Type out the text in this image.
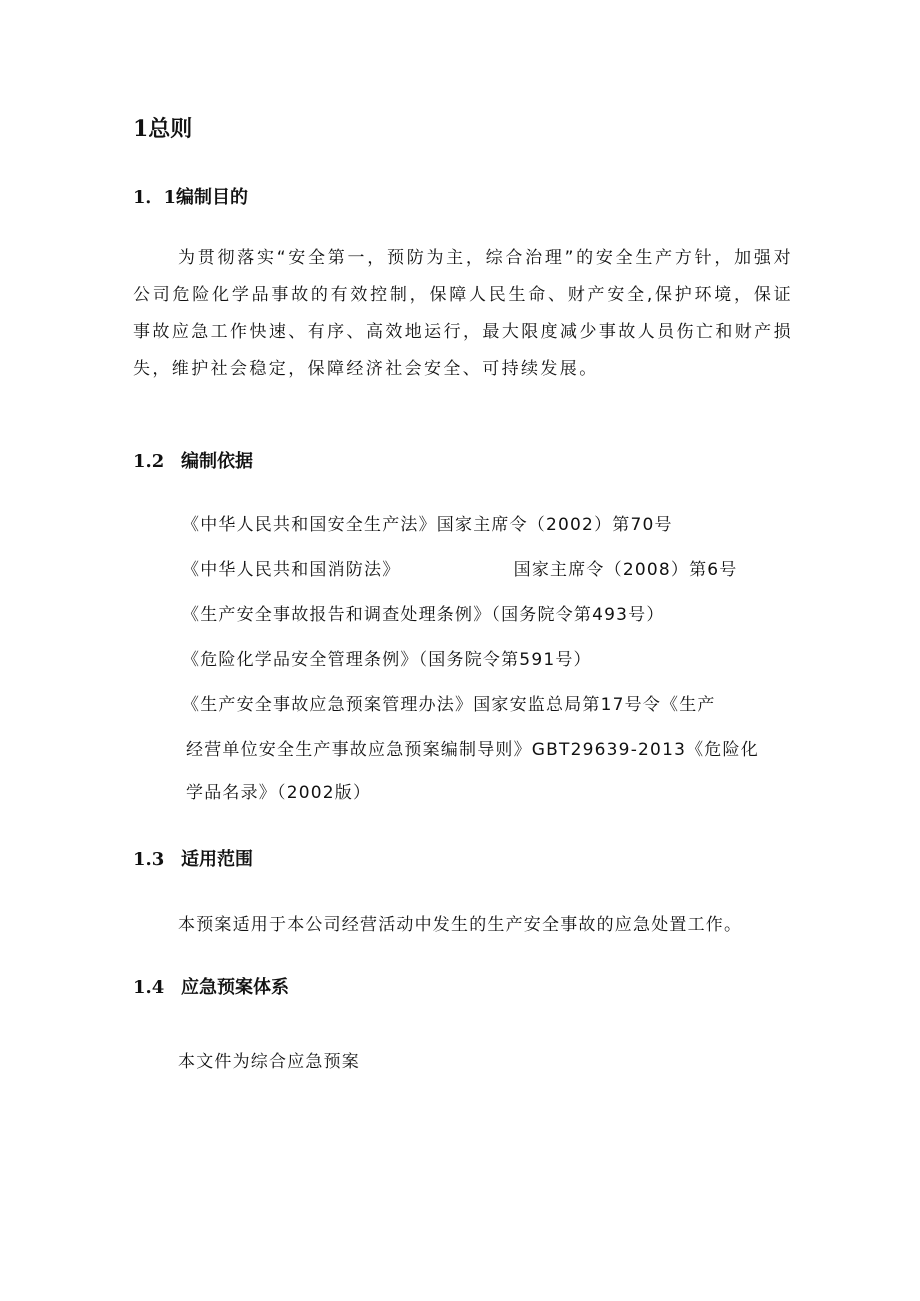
1总则
1．1编制目的
为贯彻落实“安全第一，预防为主，综合治理”的安全生产方针，加强对公司危险化学品事故的有效控制，保障人民生命、财产安全,保护环境，保证事故应急工作快速、有序、高效地运行，最大限度减少事故人员伤亡和财产损失，维护社会稳定，保障经济社会安全、可持续发展。
1.2 编制依据
《中华人民共和国安全生产法》国家主席令（2002）第70号
《中华人民共和国消防法》	国家主席令（2008）第6号
《生产安全事故报告和调查处理条例》（国务院令第493号）
《危险化学品安全管理条例》（国务院令第591号）
《生产安全事故应急预案管理办法》国家安监总局第17号令《生产
经营单位安全生产事故应急预案编制导则》GBT29639-2013《危险化
学品名录》（2002版）
1.3 适用范围
本预案适用于本公司经营活动中发生的生产安全事故的应急处置工作。
1.4 应急预案体系
本文件为综合应急预案
